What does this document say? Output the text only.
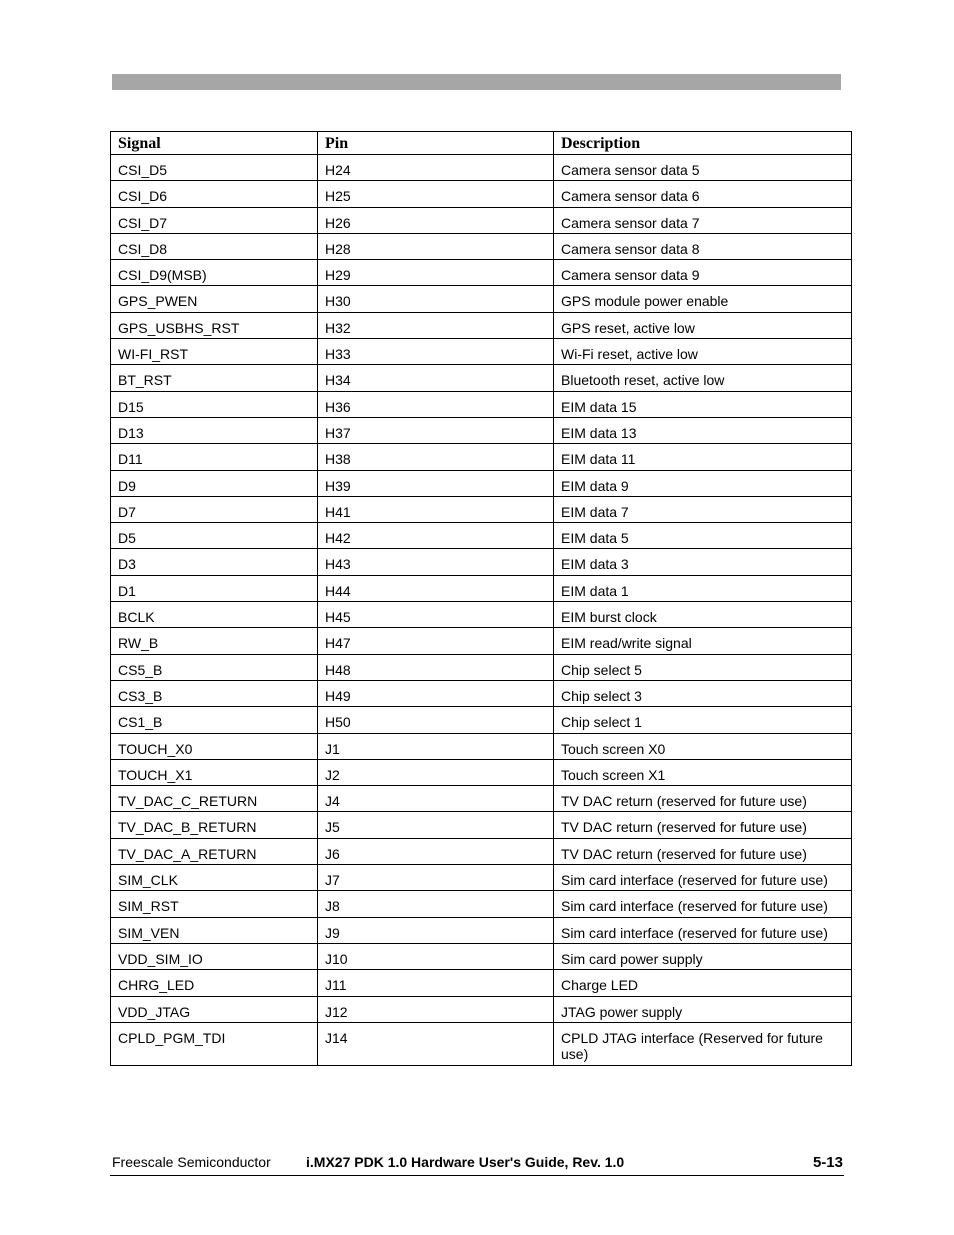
Signal	Pin	Description
CSI_D5	H24	Camera sensor data 5
CSI_D6	H25	Camera sensor data 6
CSI_D7	H26	Camera sensor data 7
CSI_D8	H28	Camera sensor data 8
CSI_D9(MSB)	H29	Camera sensor data 9
GPS_PWEN	H30	GPS module power enable
GPS_USBHS_RST	H32	GPS reset, active low
WI-FI_RST	H33	Wi-Fi reset, active low
BT_RST	H34	Bluetooth reset, active low
D15	H36	EIM data 15
D13	H37	EIM data 13
D11	H38	EIM data 11
D9	H39	EIM data 9
D7	H41	EIM data 7
D5	H42	EIM data 5
D3	H43	EIM data 3
D1	H44	EIM data 1
BCLK	H45	EIM burst clock
RW_B	H47	EIM read/write signal
CS5_B	H48	Chip select 5
CS3_B	H49	Chip select 3
CS1_B	H50	Chip select 1
TOUCH_X0	J1	Touch screen X0
TOUCH_X1	J2	Touch screen X1
TV_DAC_C_RETURN	J4	TV DAC return (reserved for future use)
TV_DAC_B_RETURN	J5	TV DAC return (reserved for future use)
TV_DAC_A_RETURN	J6	TV DAC return (reserved for future use)
SIM_CLK	J7	Sim card interface (reserved for future use)
SIM_RST	J8	Sim card interface (reserved for future use)
SIM_VEN	J9	Sim card interface (reserved for future use)
VDD_SIM_IO	J10	Sim card power supply
CHRG_LED	J11	Charge LED
VDD_JTAG	J12	JTAG power supply
CPLD_PGM_TDI	J14	CPLD JTAG interface (Reserved for future use)
Freescale Semiconductor	i.MX27 PDK 1.0 Hardware User's Guide, Rev. 1.0	5-13
